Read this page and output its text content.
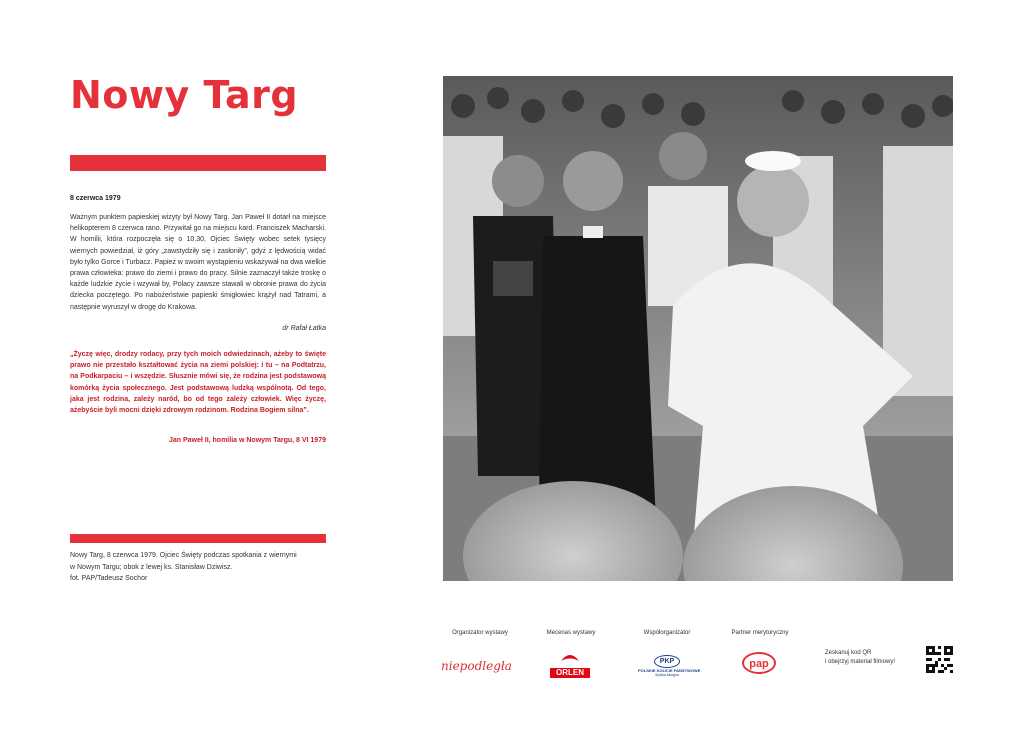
Nowy Targ
8 czerwca 1979

Ważnym punktem papieskiej wizyty był Nowy Targ. Jan Paweł II dotarł na miejsce helikopterem 8 czerwca rano. Przywitał go na miejscu kard. Franciszek Macharski. W homilii, która rozpoczęła się o 10.30, Ojciec Święty wobec setek tysięcy wiernych powiedział, iż góry „zawstydziły się i zasłoniły”, gdyż z lędwością widać było tylko Gorce i Turbacz. Papież w swoim wystąpieniu wskazywał na dwa wielkie prawa człowieka: prawo do ziemi i prawo do pracy. Silnie zaznaczył także troskę o każde ludzkie życie i wzywał by, Polacy zawsze stawali w obronie prawa do życia dziecka poczętego. Po nabożeństwie papieski śmigłowiec krążył nad Tatrami, a następnie wyruszył w drogę do Krakowa.

dr Rafał Łatka

„Życzę więc, drodzy rodacy, przy tych moich odwiedzinach, ażeby to święte prawo nie przestało kształtować życia na ziemi polskiej: i tu – na Podtatrzu, na Podkarpaciu – i wszędzie. Słusznie mówi się, że rodzina jest podstawową komórką życia społecznego. Jest podstawową ludzką wspólnotą. Od tego, jaka jest rodzina, zależy naród, bo od tego zależy człowiek. Więc życzę, ażebyście byli mocni dzięki zdrowym rodzinom. Rodzina Bogiem silna”.

Jan Paweł II, homilia w Nowym Targu, 8 VI 1979
Nowy Targ, 8 czerwca 1979. Ojciec Święty podczas spotkania z wiernymi
w Nowym Targu; obok z lewej ks. Stanisław Dziwisz.
fot. PAP/Tadeusz Sochor
Organizator wystawy
niepodległa
Mecenas wystawy
ORLEN
Współorganizator
PKP
POLSKIE KOLEJE PAŃSTWOWE
Spółka Akcyjna
Partner merytoryczny
pap
Zeskanuj kod QR
i obejrzyj materiał filmowy!
